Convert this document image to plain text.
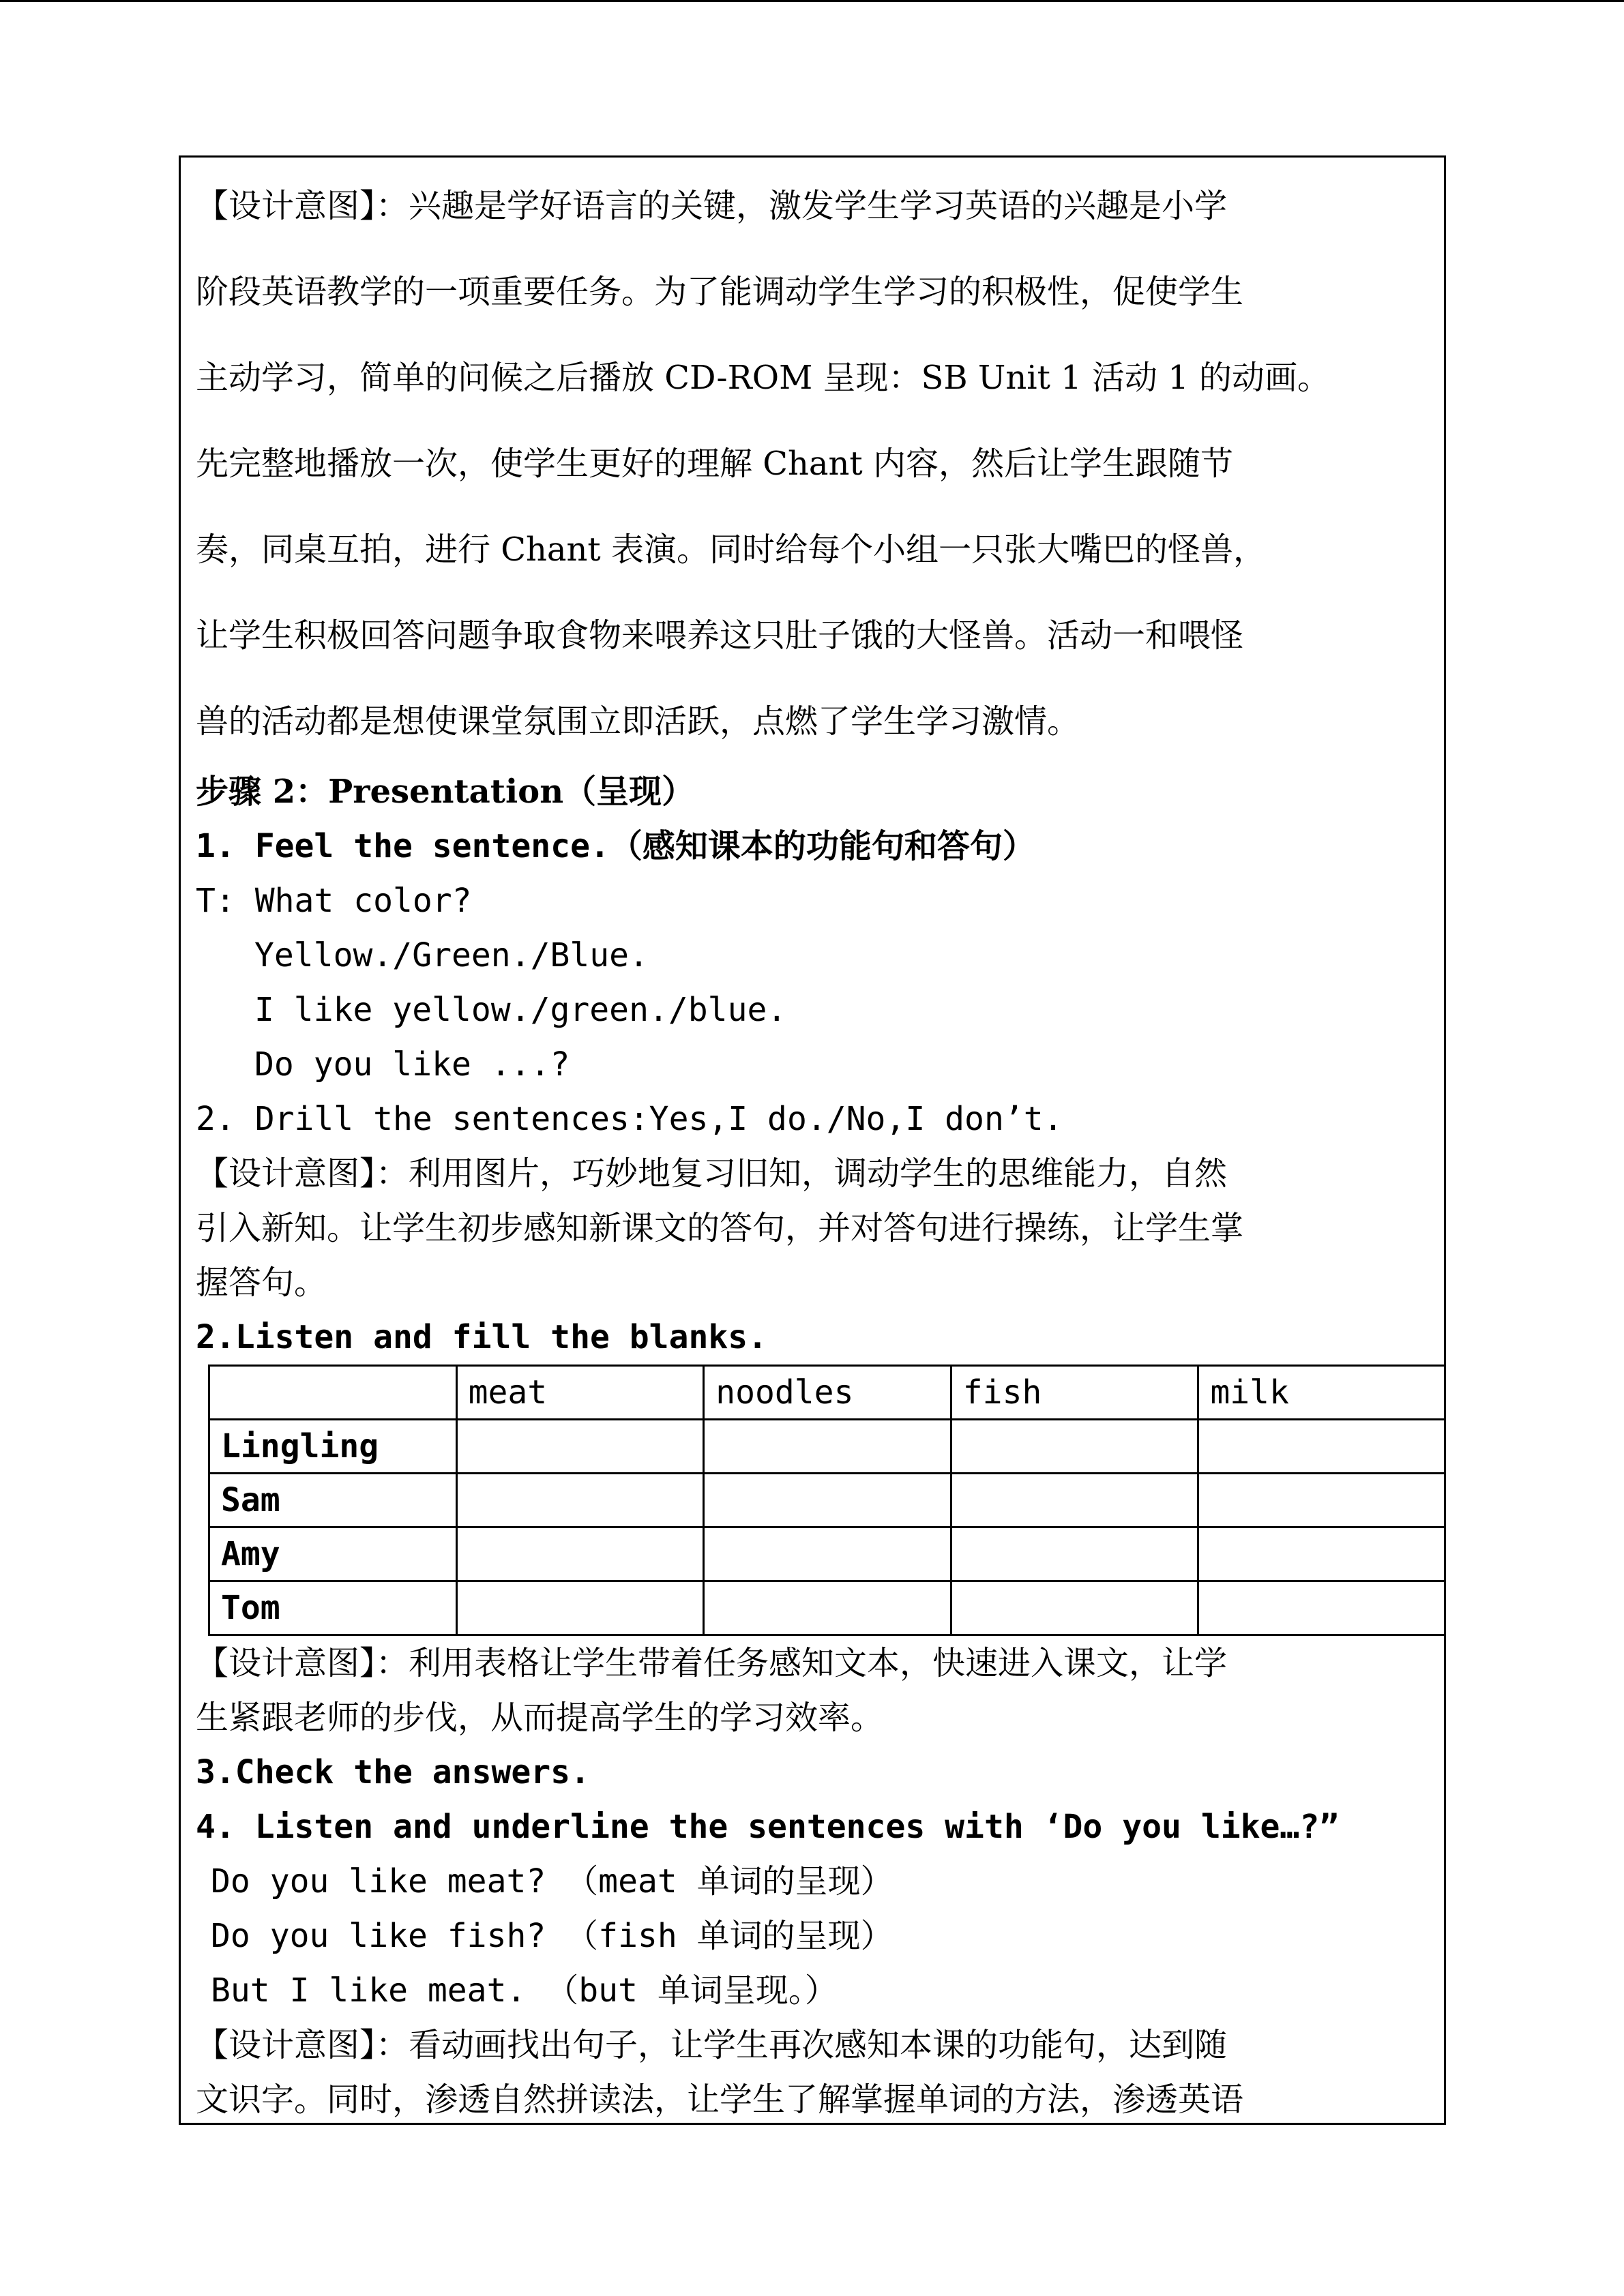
【设计意图】：兴趣是学好语言的关键，激发学生学习英语的兴趣是小学

阶段英语教学的一项重要任务。为了能调动学生学习的积极性，促使学生

主动学习，简单的问候之后播放 CD-ROM 呈现：SB Unit 1 活动 1 的动画。

先完整地播放一次，使学生更好的理解 Chant 内容，然后让学生跟随节

奏，同桌互拍，进行 Chant 表演。同时给每个小组一只张大嘴巴的怪兽，

让学生积极回答问题争取食物来喂养这只肚子饿的大怪兽。活动一和喂怪

兽的活动都是想使课堂氛围立即活跃，点燃了学生学习激情。

步骤 2：Presentation（呈现）

1. Feel the sentence.（感知课本的功能句和答句）

T: What color?

Yellow./Green./Blue.

I like yellow./green./blue.

Do you like ...?

2. Drill the sentences:Yes,I do./No,I don’t.

【设计意图】：利用图片，巧妙地复习旧知，调动学生的思维能力，自然

引入新知。让学生初步感知新课文的答句，并对答句进行操练，让学生掌

握答句。

2.Listen and fill the blanks.

	meat	noodles	fish	milk
Lingling				
Sam				
Amy				
Tom				

【设计意图】：利用表格让学生带着任务感知文本，快速进入课文，让学

生紧跟老师的步伐，从而提高学生的学习效率。

3.Check the answers.

4. Listen and underline the sentences with ‘Do you like…?”

Do you like meat? （meat 单词的呈现）

Do you like fish? （fish 单词的呈现）

But I like meat. （but 单词呈现。）

【设计意图】：看动画找出句子，让学生再次感知本课的功能句，达到随

文识字。同时，渗透自然拼读法，让学生了解掌握单词的方法，渗透英语
